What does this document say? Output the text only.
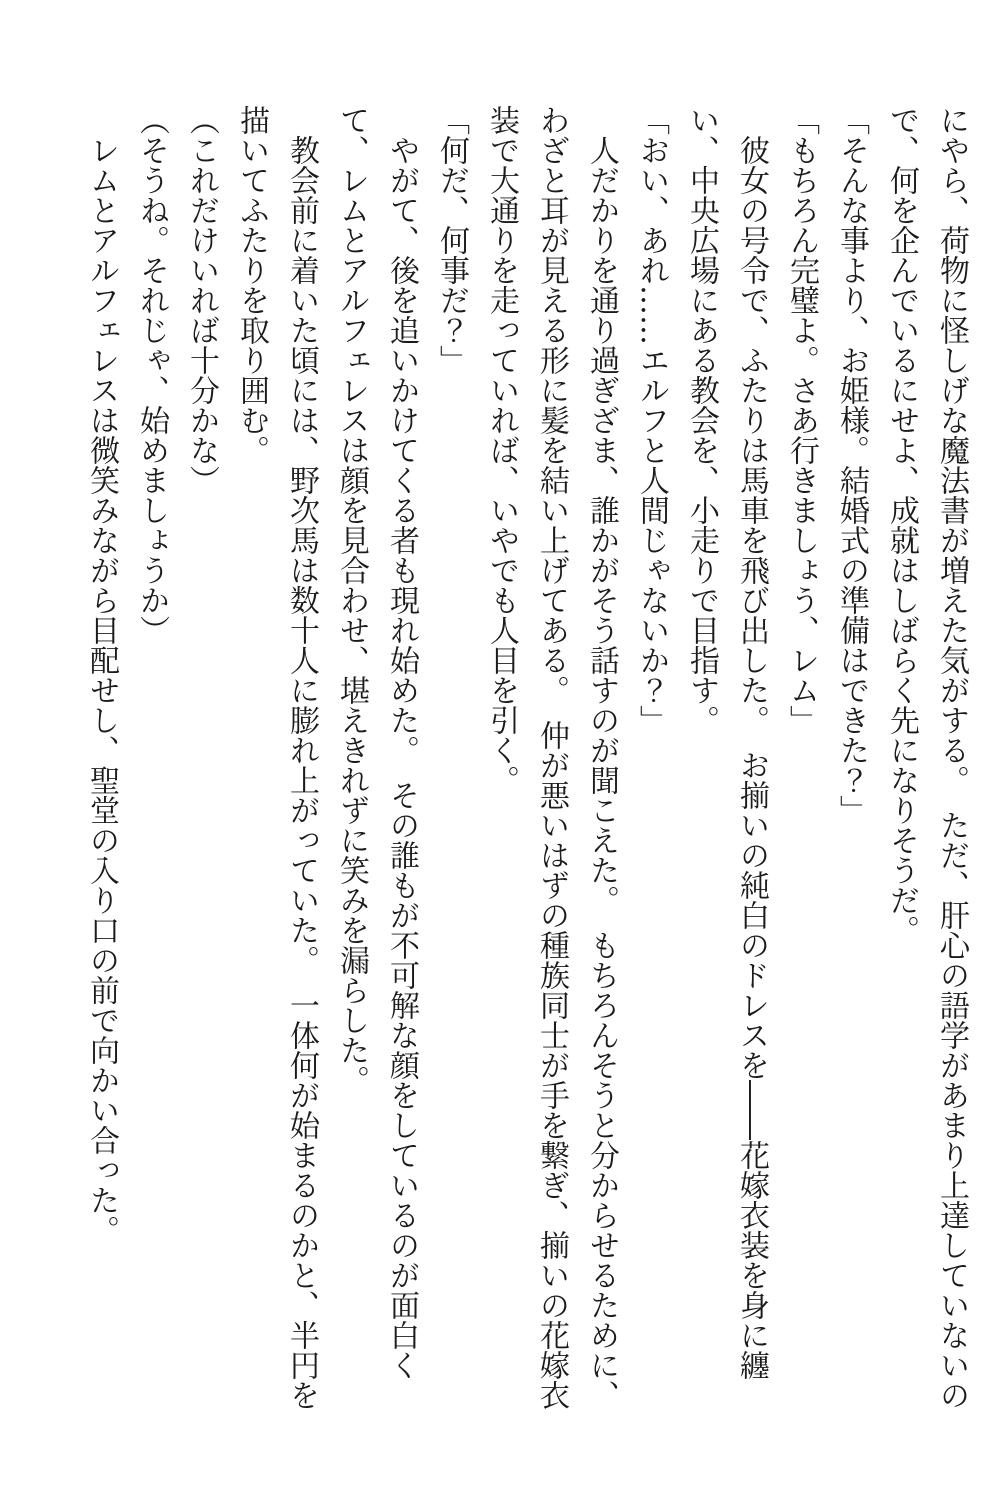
にやら、荷物に怪しげな魔法書が増えた気がする。　ただ、肝心の語学があまり上達していないの
で、何を企んでいるにせよ、成就はしばらく先になりそうだ。
「そんな事より、お姫様。結婚式の準備はできた？」
「もちろん完璧よ。さあ行きましょう、レム」
彼女の号令で、ふたりは馬車を飛び出した。　お揃いの純白のドレスを――花嫁衣装を身に纏
い、中央広場にある教会を、小走りで目指す。
「おい、あれ……エルフと人間じゃないか？」
人だかりを通り過ぎざま、誰かがそう話すのが聞こえた。　もちろんそうと分からせるために、
わざと耳が見える形に髪を結い上げてある。　仲が悪いはずの種族同士が手を繋ぎ、揃いの花嫁衣
装で大通りを走っていれば、いやでも人目を引く。
「何だ、何事だ？」
やがて、後を追いかけてくる者も現れ始めた。　その誰もが不可解な顔をしているのが面白く
て、レムとアルフェレスは顔を見合わせ、堪えきれずに笑みを漏らした。
教会前に着いた頃には、野次馬は数十人に膨れ上がっていた。　一体何が始まるのかと、半円を
描いてふたりを取り囲む。
（これだけいれば十分かな）
（そうね。それじゃ、始めましょうか）
レムとアルフェレスは微笑みながら目配せし、聖堂の入り口の前で向かい合った。
